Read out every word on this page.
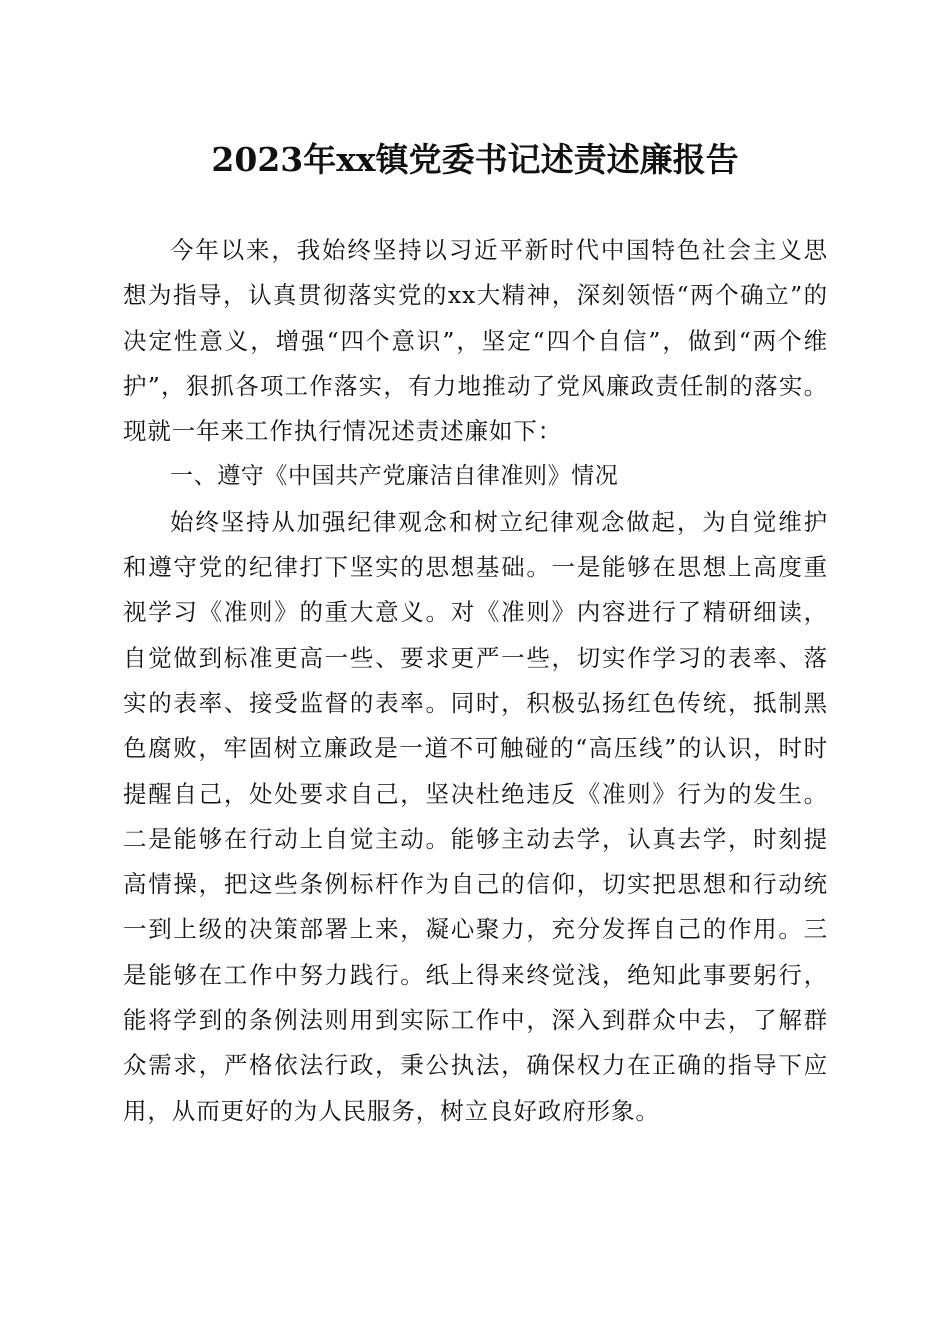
2023年xx镇党委书记述责述廉报告

今年以来，我始终坚持以习近平新时代中国特色社会主义思想为指导，认真贯彻落实党的xx大精神，深刻领悟“两个确立”的决定性意义，增强“四个意识”，坚定“四个自信”，做到“两个维护”，狠抓各项工作落实，有力地推动了党风廉政责任制的落实。现就一年来工作执行情况述责述廉如下：

一、遵守《中国共产党廉洁自律准则》情况

始终坚持从加强纪律观念和树立纪律观念做起，为自觉维护和遵守党的纪律打下坚实的思想基础。一是能够在思想上高度重视学习《准则》的重大意义。对《准则》内容进行了精研细读，自觉做到标准更高一些、要求更严一些，切实作学习的表率、落实的表率、接受监督的表率。同时，积极弘扬红色传统，抵制黑色腐败，牢固树立廉政是一道不可触碰的“高压线”的认识，时时提醒自己，处处要求自己，坚决杜绝违反《准则》行为的发生。二是能够在行动上自觉主动。能够主动去学，认真去学，时刻提高情操，把这些条例标杆作为自己的信仰，切实把思想和行动统一到上级的决策部署上来，凝心聚力，充分发挥自己的作用。三是能够在工作中努力践行。纸上得来终觉浅，绝知此事要躬行，能将学到的条例法则用到实际工作中，深入到群众中去，了解群众需求，严格依法行政，秉公执法，确保权力在正确的指导下应用，从而更好的为人民服务，树立良好政府形象。
